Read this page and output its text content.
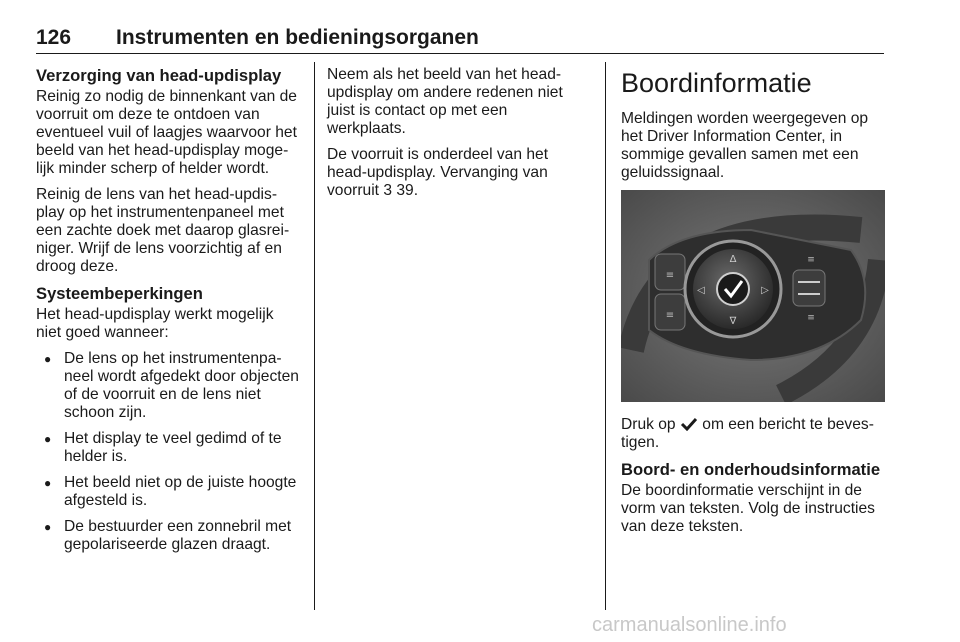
126 Instrumenten en bedieningsorganen
Verzorging van head-updisplay

Reinig zo nodig de binnenkant van de voorruit om deze te ontdoen van eventueel vuil of laagjes waarvoor het beeld van het head-updisplay mogelijk minder scherp of helder wordt.

Reinig de lens van het head-updisplay op het instrumentenpaneel met een zachte doek met daarop glasreiniger. Wrijf de lens voorzichtig af en droog deze.

Systeembeperkingen

Het head-updisplay werkt mogelijk niet goed wanneer:

● De lens op het instrumentenpaneel wordt afgedekt door objecten of de voorruit en de lens niet schoon zijn.
● Het display te veel gedimd of te helder is.
● Het beeld niet op de juiste hoogte afgesteld is.
● De bestuurder een zonnebril met gepolariseerde glazen draagt.

Neem als het beeld van het head-updisplay om andere redenen niet juist is contact op met een werkplaats.

De voorruit is onderdeel van het head-updisplay. Vervanging van voorruit 3 39.

Boordinformatie

Meldingen worden weergegeven op het Driver Information Center, in sommige gevallen samen met een geluidssignaal.

≡
≡
Δ
∇
◁	▷
≡
≡

Druk op  om een bericht te bevestigen.

Boord- en onderhoudsinformatie

De boordinformatie verschijnt in de vorm van teksten. Volg de instructies van deze teksten.

carmanualsonline.info
